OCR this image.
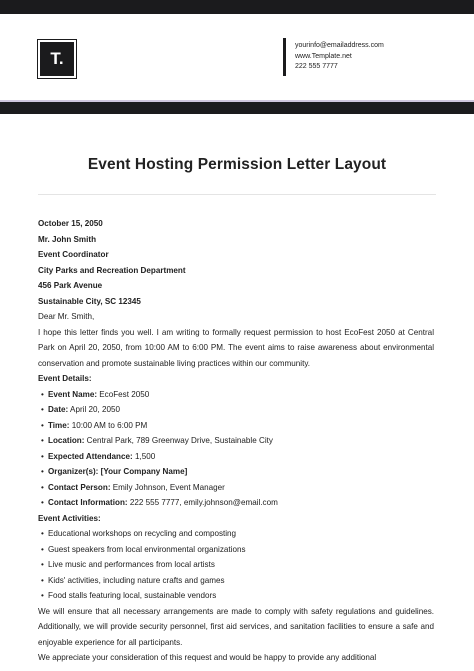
T.
yourinfo@emailaddress.com
www.Template.net
222 555 7777
Event Hosting Permission Letter Layout
October 15, 2050
Mr. John Smith
Event Coordinator
City Parks and Recreation Department
456 Park Avenue
Sustainable City, SC 12345
Dear Mr. Smith,
I hope this letter finds you well. I am writing to formally request permission to host EcoFest 2050 at Central Park on April 20, 2050, from 10:00 AM to 6:00 PM. The event aims to raise awareness about environmental conservation and promote sustainable living practices within our community.
Event Details:
• Event Name: EcoFest 2050
• Date: April 20, 2050
• Time: 10:00 AM to 6:00 PM
• Location: Central Park, 789 Greenway Drive, Sustainable City
• Expected Attendance: 1,500
• Organizer(s): [Your Company Name]
• Contact Person: Emily Johnson, Event Manager
• Contact Information: 222 555 7777, emily.johnson@email.com
Event Activities:
• Educational workshops on recycling and composting
• Guest speakers from local environmental organizations
• Live music and performances from local artists
• Kids' activities, including nature crafts and games
• Food stalls featuring local, sustainable vendors
We will ensure that all necessary arrangements are made to comply with safety regulations and guidelines. Additionally, we will provide security personnel, first aid services, and sanitation facilities to ensure a safe and enjoyable experience for all participants.
We appreciate your consideration of this request and would be happy to provide any additional
